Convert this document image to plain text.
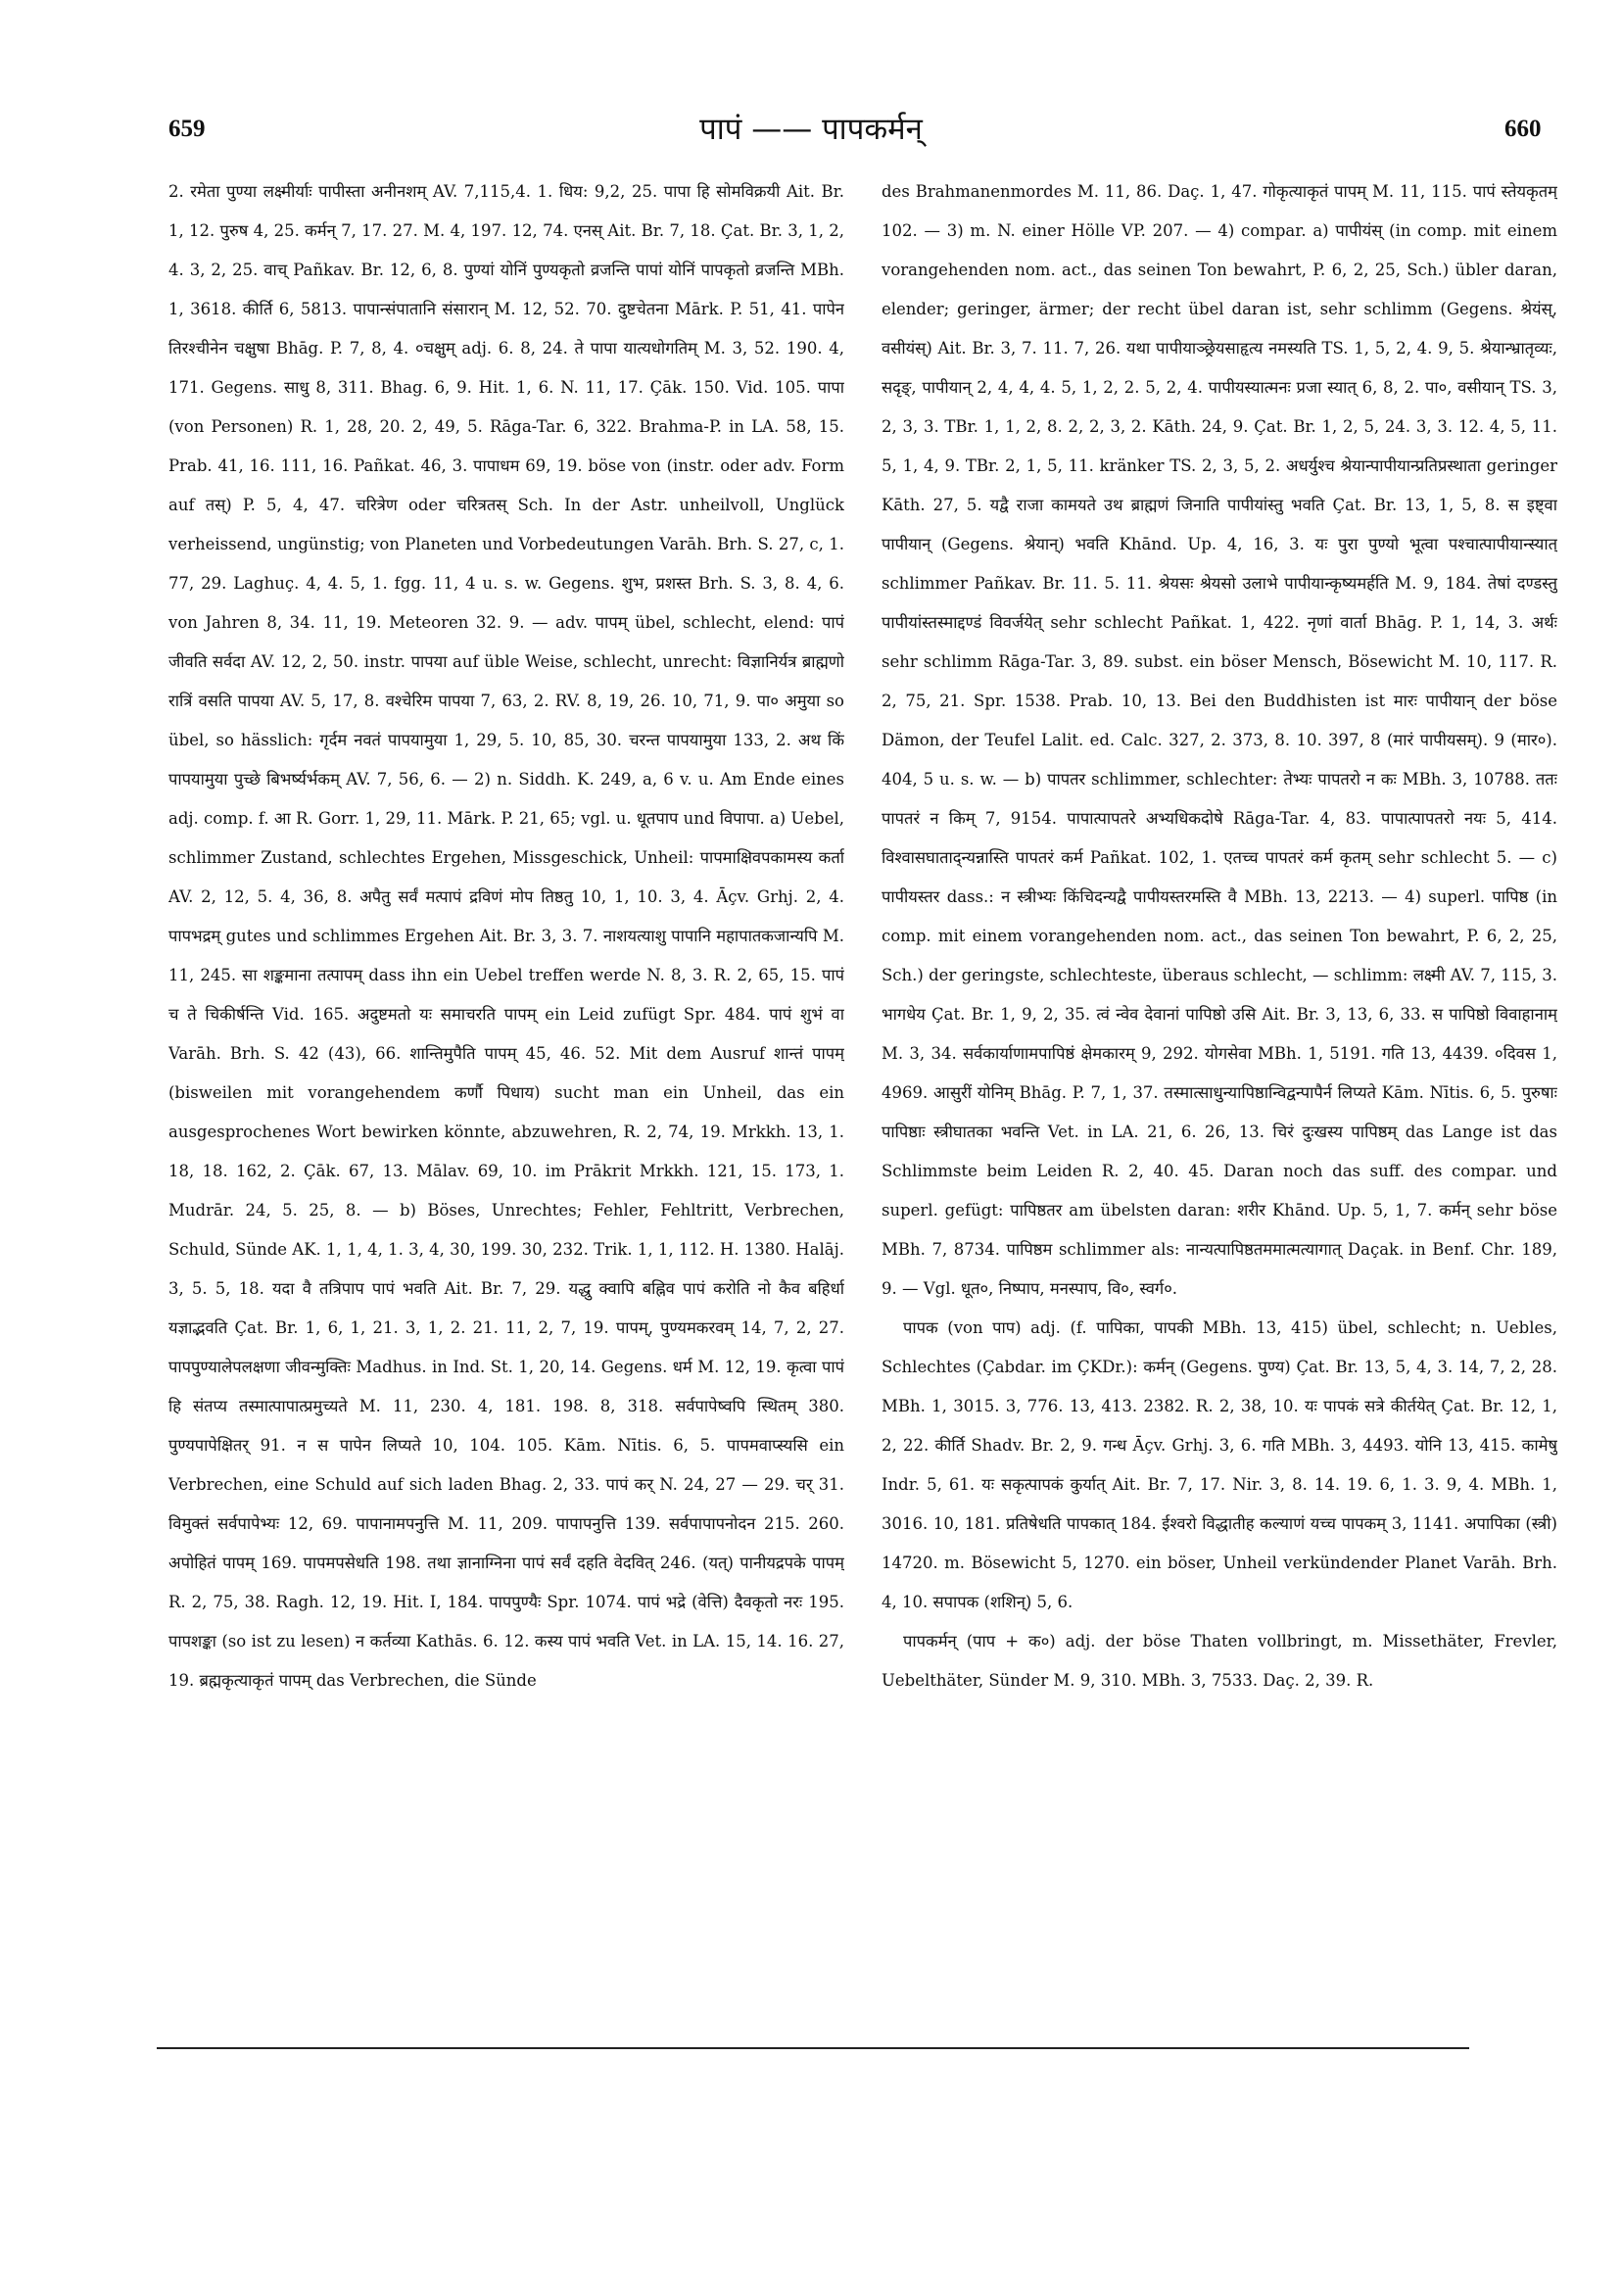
659	पापं —— पापकर्मन्	660

2. रमेता पुण्या लक्ष्मीर्याः पापीस्ता अनीनशम् AV. 7,115,4. 1. धिय: 9,2, 25. पापा हि सोमविक्रयी Ait. Br. 1, 12. पुरुष 4, 25. कर्मन् 7, 17. 27. M. 4, 197. 12, 74. एनस् Ait. Br. 7, 18. Çat. Br. 3, 1, 2, 4. 3, 2, 25. वाच् Pañkav. Br. 12, 6, 8. पुण्यां योनिं पुण्यकृतो व्रजन्ति पापां योनिं पापकृतो व्रजन्ति MBh. 1, 3618. कीर्ति 6, 5813. पापान्संपातानि संसारान् M. 12, 52. 70. दुष्टचेतना Mārk. P. 51, 41. पापेन तिरश्चीनेन चक्षुषा Bhāg. P. 7, 8, 4. ०चक्षुम् adj. 6. 8, 24. ते पापा यात्यधोगतिम् M. 3, 52. 190. 4, 171. Gegens. साधु 8, 311. Bhag. 6, 9. Hit. 1, 6. N. 11, 17. Çāk. 150. Vid. 105. पापा (von Personen) R. 1, 28, 20. 2, 49, 5. Rāga-Tar. 6, 322. Brahma-P. in LA. 58, 15. Prab. 41, 16. 111, 16. Pañkat. 46, 3. पापाधम 69, 19. böse von (instr. oder adv. Form auf तस्) P. 5, 4, 47. चरित्रेण oder चरित्रतस् Sch. In der Astr. unheilvoll, Unglück verheissend, ungünstig; von Planeten und Vorbedeutungen Varāh. Brh. S. 27, c, 1. 77, 29. Laghuç. 4, 4. 5, 1. fgg. 11, 4 u. s. w. Gegens. शुभ, प्रशस्त Brh. S. 3, 8. 4, 6. von Jahren 8, 34. 11, 19. Meteoren 32. 9. — adv. पापम् übel, schlecht, elend: पापं जीवति सर्वदा AV. 12, 2, 50. instr. पापया auf üble Weise, schlecht, unrecht: विज्ञानिर्यत्र ब्राह्मणो रात्रिं वसति पापया AV. 5, 17, 8. वश्चेरिम पापया 7, 63, 2. RV. 8, 19, 26. 10, 71, 9. पा० अमुया so übel, so hässlich: गृर्दम नवतं पापयामुया 1, 29, 5. 10, 85, 30. चरन्त पापयामुया 133, 2. अथ किं पापयामुया पुच्छे बिभर्ष्यर्भकम् AV. 7, 56, 6. — 2) n. Siddh. K. 249, a, 6 v. u. Am Ende eines adj. comp. f. आ R. Gorr. 1, 29, 11. Mārk. P. 21, 65; vgl. u. धूतपाप und विपापा. a) Uebel, schlimmer Zustand, schlechtes Ergehen, Missgeschick, Unheil: पापमाक्षिवपकामस्य कर्ता AV. 2, 12, 5. 4, 36, 8. अपैतु सर्वं मत्पापं द्रविणं मोप तिष्ठतु 10, 1, 10. 3, 4. Āçv. Grhj. 2, 4. पापभद्रम् gutes und schlimmes Ergehen Ait. Br. 3, 3. 7. नाशयत्याशु पापानि महापातकजान्यपि M. 11, 245. सा शङ्कमाना तत्पापम् dass ihn ein Uebel treffen werde N. 8, 3. R. 2, 65, 15. पापं च ते चिकीर्षन्ति Vid. 165. अदुष्टमतो यः समाचरति पापम् ein Leid zufügt Spr. 484. पापं शुभं वा Varāh. Brh. S. 42 (43), 66. शान्तिमुपैति पापम् 45, 46. 52. Mit dem Ausruf शान्तं पापम् (bisweilen mit vorangehendem कर्णौ पिधाय) sucht man ein Unheil, das ein ausgesprochenes Wort bewirken könnte, abzuwehren, R. 2, 74, 19. Mrkkh. 13, 1. 18, 18. 162, 2. Çāk. 67, 13. Mālav. 69, 10. im Prākrit Mrkkh. 121, 15. 173, 1. Mudrār. 24, 5. 25, 8. — b) Böses, Unrechtes; Fehler, Fehltritt, Verbrechen, Schuld, Sünde AK. 1, 1, 4, 1. 3, 4, 30, 199. 30, 232. Trik. 1, 1, 112. H. 1380. Halāj. 3, 5. 5, 18. यदा वै तत्रिपाप पापं भवति Ait. Br. 7, 29. यद्धु क्वापि बह्निव पापं करोति नो कैव बहिर्धा यज्ञाद्भवति Çat. Br. 1, 6, 1, 21. 3, 1, 2. 21. 11, 2, 7, 19. पापम्, पुण्यमकरवम् 14, 7, 2, 27. पापपुण्यालेपलक्षणा जीवन्मुक्तिः Madhus. in Ind. St. 1, 20, 14. Gegens. धर्म M. 12, 19. कृत्वा पापं हि संतप्य तस्मात्पापात्प्रमुच्यते M. 11, 230. 4, 181. 198. 8, 318. सर्वपापेष्वपि स्थितम् 380. पुण्यपापेक्षितर् 91. न स पापेन लिप्यते 10, 104. 105. Kām. Nītis. 6, 5. पापमवाप्स्यसि ein Verbrechen, eine Schuld auf sich laden Bhag. 2, 33. पापं कर् N. 24, 27 — 29. चर् 31. विमुक्तं सर्वपापेभ्यः 12, 69. पापानामपनुत्ति M. 11, 209. पापापनुत्ति 139. सर्वपापापनोदन 215. 260. अपोहितं पापम् 169. पापमपसेधति 198. तथा ज्ञानाग्निना पापं सर्वं दहति वेदवित् 246. (यत्) पानीयद्रपके पापम् R. 2, 75, 38. Ragh. 12, 19. Hit. I, 184. पापपुण्यैः Spr. 1074. पापं भद्रे (वेत्ति) दैवकृतो नरः 195. पापशङ्का (so ist zu lesen) न कर्तव्या Kathās. 6. 12. कस्य पापं भवति Vet. in LA. 15, 14. 16. 27, 19. ब्रह्मकृत्याकृतं पापम् das Verbrechen, die Sünde

des Brahmanenmordes M. 11, 86. Daç. 1, 47. गोकृत्याकृतं पापम् M. 11, 115. पापं स्तेयकृतम् 102. — 3) m. N. einer Hölle VP. 207. — 4) compar. a) पापीयंस् (in comp. mit einem vorangehenden nom. act., das seinen Ton bewahrt, P. 6, 2, 25, Sch.) übler daran, elender; geringer, ärmer; der recht übel daran ist, sehr schlimm (Gegens. श्रेयंस्, वसीयंस्) Ait. Br. 3, 7. 11. 7, 26. यथा पापीयाञ्छ्रेयसाहृत्य नमस्यति TS. 1, 5, 2, 4. 9, 5. श्रेयान्भ्रातृव्यः, सदृङ्, पापीयान् 2, 4, 4, 4. 5, 1, 2, 2. 5, 2, 4. पापीयस्यात्मनः प्रजा स्यात् 6, 8, 2. पा०, वसीयान् TS. 3, 2, 3, 3. TBr. 1, 1, 2, 8. 2, 2, 3, 2. Kāth. 24, 9. Çat. Br. 1, 2, 5, 24. 3, 3. 12. 4, 5, 11. 5, 1, 4, 9. TBr. 2, 1, 5, 11. kränker TS. 2, 3, 5, 2. अधर्युश्च श्रेयान्पापीयान्प्रतिप्रस्थाता geringer Kāth. 27, 5. यद्वै राजा कामयते उथ ब्राह्मणं जिनाति पापीयांस्तु भवति Çat. Br. 13, 1, 5, 8. स इष्ट्वा पापीयान् (Gegens. श्रेयान्) भवति Khānd. Up. 4, 16, 3. यः पुरा पुण्यो भूत्वा पश्चात्पापीयान्स्यात् schlimmer Pañkav. Br. 11. 5. 11. श्रेयसः श्रेयसो उलाभे पापीयान्कृष्यमर्हति M. 9, 184. तेषां दण्डस्तु पापीयांस्तस्माद्दण्डं विवर्जयेत् sehr schlecht Pañkat. 1, 422. नृणां वार्ता Bhāg. P. 1, 14, 3. अर्थः sehr schlimm Rāga-Tar. 3, 89. subst. ein böser Mensch, Bösewicht M. 10, 117. R. 2, 75, 21. Spr. 1538. Prab. 10, 13. Bei den Buddhisten ist मारः पापीयान् der böse Dämon, der Teufel Lalit. ed. Calc. 327, 2. 373, 8. 10. 397, 8 (मारं पापीयसम्). 9 (मार०). 404, 5 u. s. w. — b) पापतर schlimmer, schlechter: तेभ्यः पापतरो न कः MBh. 3, 10788. ततः पापतरं न किम् 7, 9154. पापात्पापतरे अभ्यधिकदोषे Rāga-Tar. 4, 83. पापात्पापतरो नयः 5, 414. विश्वासघाताद्न्यन्नास्ति पापतरं कर्म Pañkat. 102, 1. एतच्च पापतरं कर्म कृतम् sehr schlecht 5. — c) पापीयस्तर dass.: न स्त्रीभ्यः किंचिदन्यद्वै पापीयस्तरमस्ति वै MBh. 13, 2213. — 4) superl. पापिष्ठ (in comp. mit einem vorangehenden nom. act., das seinen Ton bewahrt, P. 6, 2, 25, Sch.) der geringste, schlechteste, überaus schlecht, — schlimm: लक्ष्मी AV. 7, 115, 3. भागधेय Çat. Br. 1, 9, 2, 35. त्वं न्वेव देवानां पापिष्ठो उसि Ait. Br. 3, 13, 6, 33. स पापिष्ठो विवाहानाम् M. 3, 34. सर्वकार्याणामपापिष्ठं क्षेमकारम् 9, 292. योगसेवा MBh. 1, 5191. गति 13, 4439. ०दिवस 1, 4969. आसुरीं योनिम् Bhāg. P. 7, 1, 37. तस्मात्साधुन्यापिष्ठान्विद्वन्पापैर्न लिप्यते Kām. Nītis. 6, 5. पुरुषाः पापिष्ठाः स्त्रीघातका भवन्ति Vet. in LA. 21, 6. 26, 13. चिरं दुःखस्य पापिष्ठम् das Lange ist das Schlimmste beim Leiden R. 2, 40. 45. Daran noch das suff. des compar. und superl. gefügt: पापिष्ठतर am übelsten daran: शरीर Khānd. Up. 5, 1, 7. कर्मन् sehr böse MBh. 7, 8734. पापिष्ठम schlimmer als: नान्यत्पापिष्ठतममात्मत्यागात् Daçak. in Benf. Chr. 189, 9. — Vgl. धूत०, निष्पाप, मनस्पाप, वि०, स्वर्ग०.

पापक (von पाप) adj. (f. पापिका, पापकी MBh. 13, 415) übel, schlecht; n. Uebles, Schlechtes (Çabdar. im ÇKDr.): कर्मन् (Gegens. पुण्य) Çat. Br. 13, 5, 4, 3. 14, 7, 2, 28. MBh. 1, 3015. 3, 776. 13, 413. 2382. R. 2, 38, 10. यः पापकं सत्रे कीर्तयेत् Çat. Br. 12, 1, 2, 22. कीर्ति Shadv. Br. 2, 9. गन्ध Āçv. Grhj. 3, 6. गति MBh. 3, 4493. योनि 13, 415. कामेषु Indr. 5, 61. यः सकृत्पापकं कुर्यात् Ait. Br. 7, 17. Nir. 3, 8. 14. 19. 6, 1. 3. 9, 4. MBh. 1, 3016. 10, 181. प्रतिषेधति पापकात् 184. ईश्वरो विद्धातीह कल्याणं यच्च पापकम् 3, 1141. अपापिका (स्त्री) 14720. m. Bösewicht 5, 1270. ein böser, Unheil verkündender Planet Varāh. Brh. 4, 10. सपापक (शशिन्) 5, 6.

पापकर्मन् (पाप + क०) adj. der böse Thaten vollbringt, m. Missethäter, Frevler, Uebelthäter, Sünder M. 9, 310. MBh. 3, 7533. Daç. 2, 39. R.
